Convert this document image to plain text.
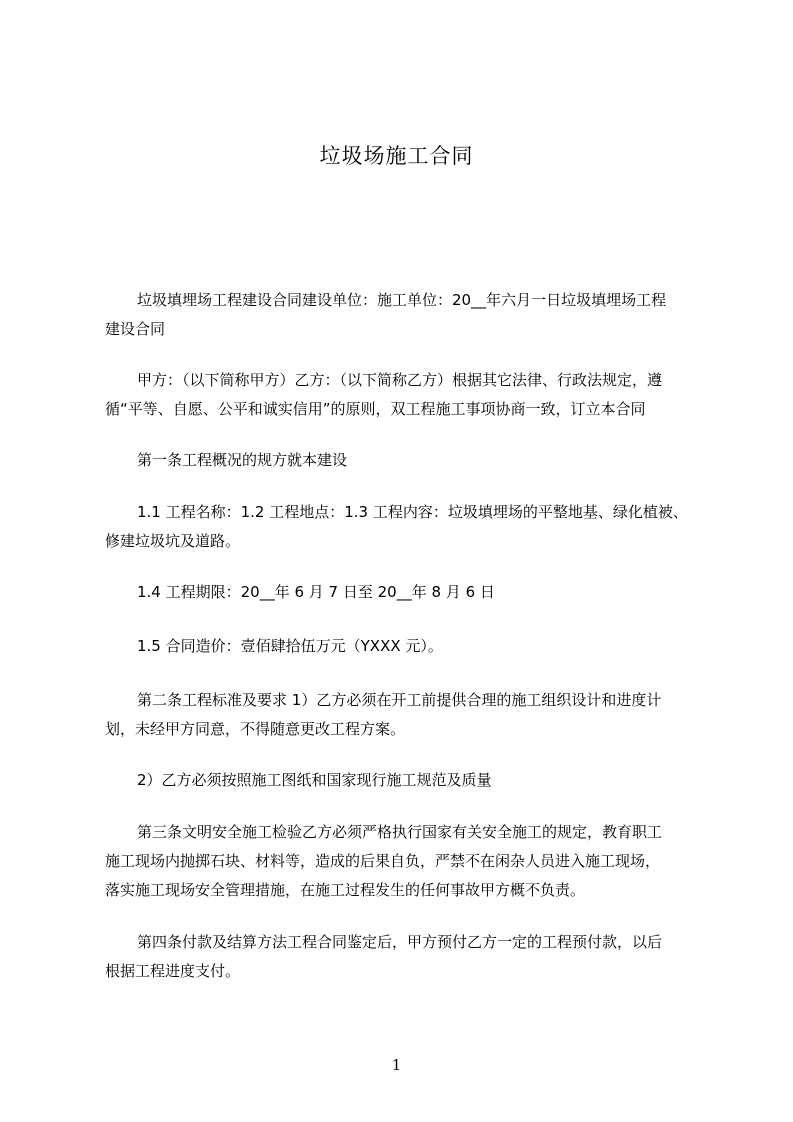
垃圾场施工合同
垃圾填埋场工程建设合同建设单位：施工单位：20__年六月一日垃圾填埋场工程
建设合同
甲方：（以下简称甲方）乙方：（以下简称乙方）根据其它法律、行政法规定，遵
循“平等、自愿、公平和诚实信用”的原则，双工程施工事项协商一致，订立本合同
第一条工程概况的规方就本建设
1.1 工程名称：1.2 工程地点：1.3 工程内容：垃圾填埋场的平整地基、绿化植被、
修建垃圾坑及道路。
1.4 工程期限：20__年 6 月 7 日至 20__年 8 月 6 日
1.5 合同造价：壹佰肆拾伍万元（YXXX 元）。
第二条工程标准及要求 1）乙方必须在开工前提供合理的施工组织设计和进度计
划，未经甲方同意，不得随意更改工程方案。
2）乙方必须按照施工图纸和国家现行施工规范及质量
第三条文明安全施工检验乙方必须严格执行国家有关安全施工的规定，教育职工
施工现场内抛掷石块、材料等，造成的后果自负，严禁不在闲杂人员进入施工现场，
落实施工现场安全管理措施，在施工过程发生的任何事故甲方概不负责。
第四条付款及结算方法工程合同鉴定后，甲方预付乙方一定的工程预付款，以后
根据工程进度支付。
1
